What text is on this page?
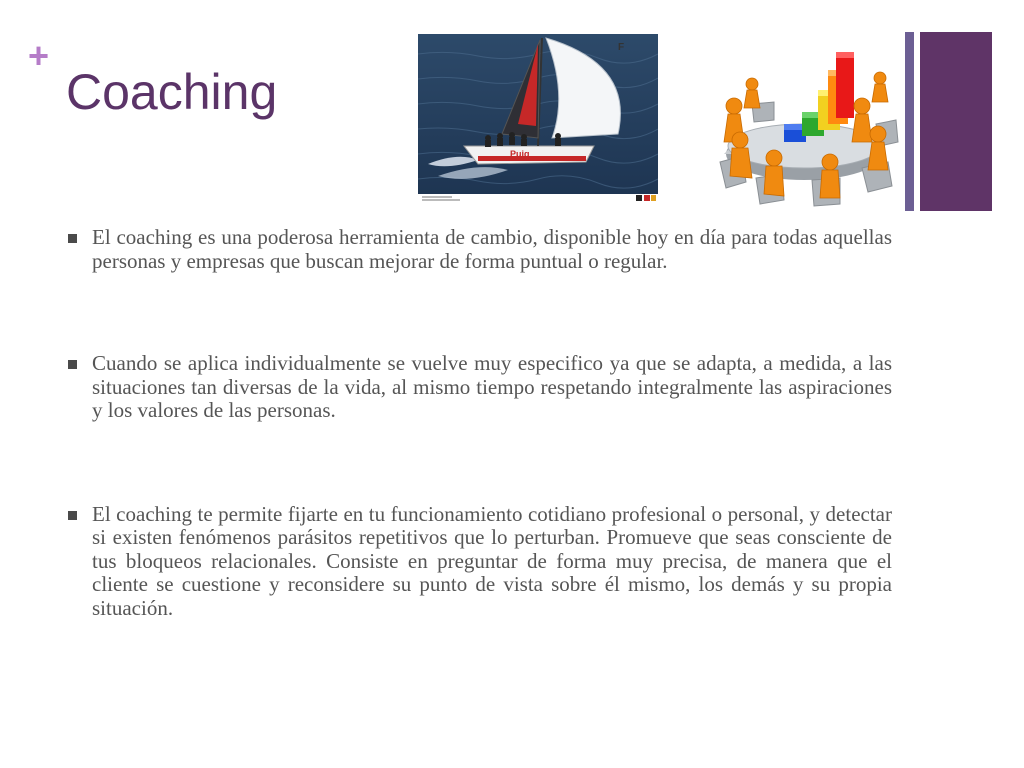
+
Coaching
Puig
F
El coaching es una poderosa herramienta de cambio, disponible hoy en día para todas aquellas personas y empresas que buscan mejorar de forma puntual o regular.
Cuando se aplica individualmente se vuelve muy especifico ya que se adapta, a medida, a las situaciones tan diversas de la vida, al mismo tiempo respetando integralmente las aspiraciones y los valores de las personas.
El coaching te permite fijarte en tu funcionamiento cotidiano profesional o personal, y detectar si existen fenómenos parásitos repetitivos que lo perturban. Promueve que seas consciente de tus bloqueos relacionales. Consiste en preguntar de forma muy precisa, de manera que el cliente se cuestione y reconsidere su punto de vista sobre él mismo, los demás y su propia situación.
